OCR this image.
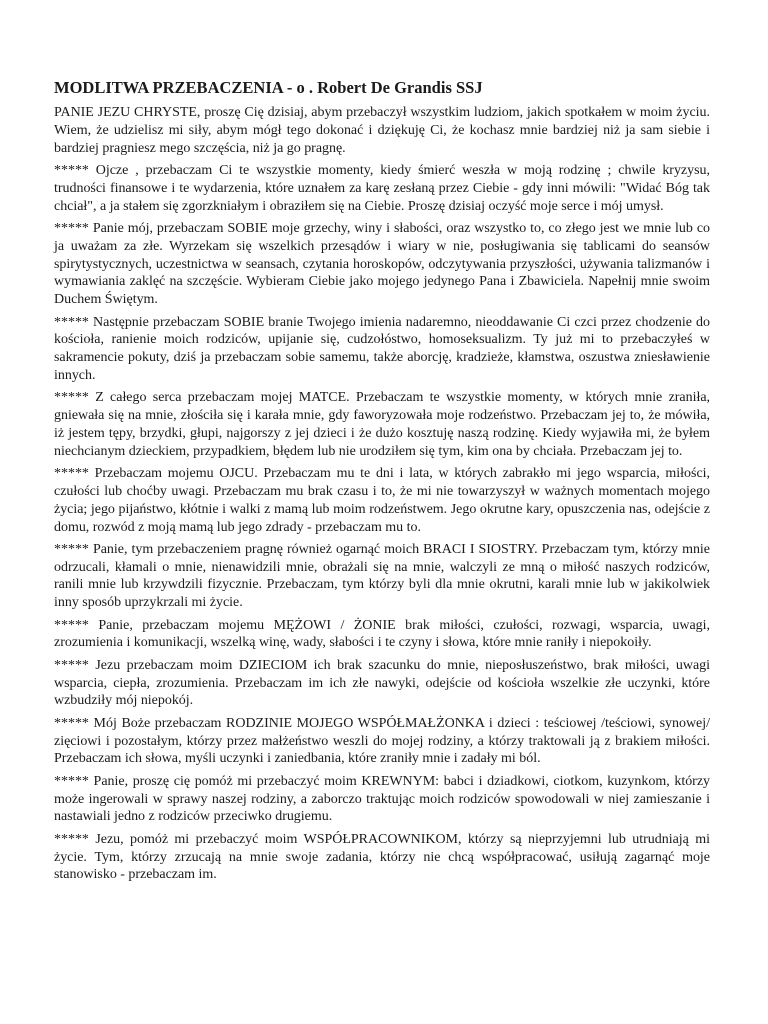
MODLITWA PRZEBACZENIA - o . Robert De Grandis SSJ

PANIE JEZU CHRYSTE, proszę Cię dzisiaj, abym przebaczył wszystkim ludziom, jakich spotkałem w moim życiu. Wiem, że udzielisz mi siły, abym mógł tego dokonać i dziękuję Ci, że kochasz mnie bardziej niż ja sam siebie i bardziej pragniesz mego szczęścia, niż ja go pragnę.

***** Ojcze , przebaczam Ci te wszystkie momenty, kiedy śmierć weszła w moją rodzinę ; chwile kryzysu, trudności finansowe i te wydarzenia, które uznałem za karę zesłaną przez Ciebie - gdy inni mówili: "Widać Bóg tak chciał", a ja stałem się zgorzkniałym i obraziłem się na Ciebie. Proszę dzisiaj oczyść moje serce i mój umysł.

***** Panie mój, przebaczam SOBIE moje grzechy, winy i słabości, oraz wszystko to, co złego jest we mnie lub co ja uważam za złe. Wyrzekam się wszelkich przesądów i wiary w nie, posługiwania się tablicami do seansów spirytystycznych, uczestnictwa w seansach, czytania horoskopów, odczytywania przyszłości, używania talizmanów i wymawiania zaklęć na szczęście. Wybieram Ciebie jako mojego jedynego Pana i Zbawiciela. Napełnij mnie swoim Duchem Świętym.

***** Następnie przebaczam SOBIE branie Twojego imienia nadaremno, nieoddawanie Ci czci przez chodzenie do kościoła, ranienie moich rodziców, upijanie się, cudzołóstwo, homoseksualizm. Ty już mi to przebaczyłeś w sakramencie pokuty, dziś ja przebaczam sobie samemu, także aborcję, kradzieże, kłamstwa, oszustwa zniesławienie innych.

***** Z całego serca przebaczam mojej MATCE. Przebaczam te wszystkie momenty, w których mnie zraniła, gniewała się na mnie, złościła się i karała mnie, gdy faworyzowała moje rodzeństwo. Przebaczam jej to, że mówiła, iż jestem tępy, brzydki, głupi, najgorszy z jej dzieci i że dużo kosztuję naszą rodzinę. Kiedy wyjawiła mi, że byłem niechcianym dzieckiem, przypadkiem, błędem lub nie urodziłem się tym, kim ona by chciała. Przebaczam jej to.

***** Przebaczam mojemu OJCU. Przebaczam mu te dni i lata, w których zabrakło mi jego wsparcia, miłości, czułości lub choćby uwagi. Przebaczam mu brak czasu i to, że mi nie towarzyszył w ważnych momentach mojego życia; jego pijaństwo, kłótnie i walki z mamą lub moim rodzeństwem. Jego okrutne kary, opuszczenia nas, odejście z domu, rozwód z moją mamą lub jego zdrady - przebaczam mu to.

***** Panie, tym przebaczeniem pragnę również ogarnąć moich BRACI I SIOSTRY. Przebaczam tym, którzy mnie odrzucali, kłamali o mnie, nienawidzili mnie, obrażali się na mnie, walczyli ze mną o miłość naszych rodziców, ranili mnie lub krzywdzili fizycznie. Przebaczam, tym którzy byli dla mnie okrutni, karali mnie lub w jakikolwiek inny sposób uprzykrzali mi życie.

***** Panie, przebaczam mojemu MĘŻOWI / ŻONIE brak miłości, czułości, rozwagi, wsparcia, uwagi, zrozumienia i komunikacji, wszelką winę, wady, słabości i te czyny i słowa, które mnie raniły i niepokoiły.

***** Jezu przebaczam moim DZIECIOM ich brak szacunku do mnie, nieposłuszeństwo, brak miłości, uwagi wsparcia, ciepła, zrozumienia. Przebaczam im ich złe nawyki, odejście od kościoła wszelkie złe uczynki, które wzbudziły mój niepokój.

***** Mój Boże przebaczam RODZINIE MOJEGO WSPÓŁMAŁŻONKA i dzieci : teściowej /teściowi, synowej/ zięciowi i pozostałym, którzy przez małżeństwo weszli do mojej rodziny, a którzy traktowali ją z brakiem miłości. Przebaczam ich słowa, myśli uczynki i zaniedbania, które zraniły mnie i zadały mi ból.

***** Panie, proszę cię pomóż mi przebaczyć moim KREWNYM: babci i dziadkowi, ciotkom, kuzynkom, którzy może ingerowali w sprawy naszej rodziny, a zaborczo traktując moich rodziców spowodowali w niej zamieszanie i nastawiali jedno z rodziców przeciwko drugiemu.

***** Jezu, pomóż mi przebaczyć moim WSPÓŁPRACOWNIKOM, którzy są nieprzyjemni lub utrudniają mi życie. Tym, którzy zrzucają na mnie swoje zadania, którzy nie chcą współpracować, usiłują zagarnąć moje stanowisko - przebaczam im.
